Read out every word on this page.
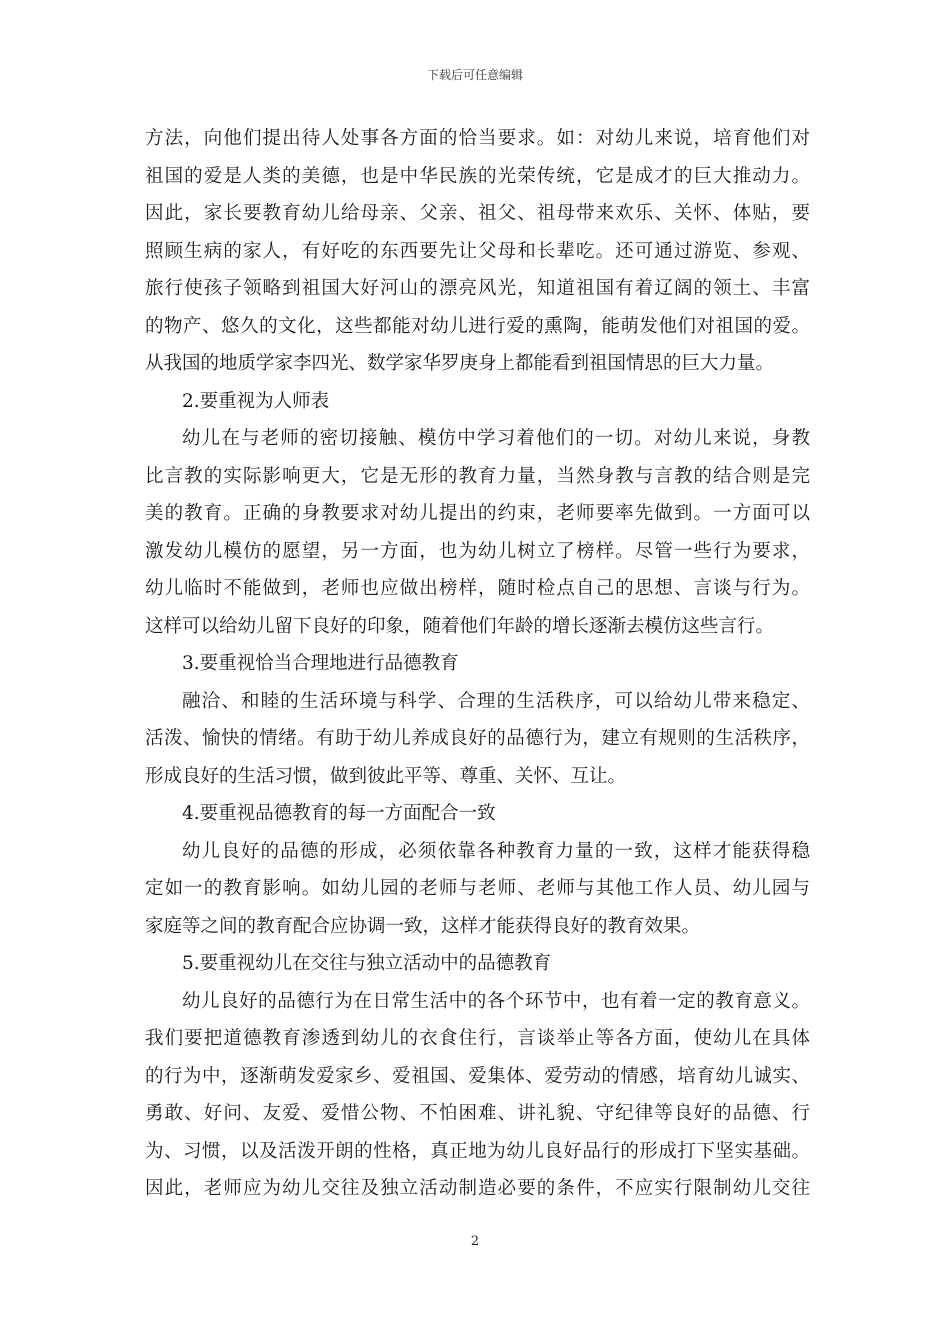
下载后可任意编辑
方法，向他们提出待人处事各方面的恰当要求。如：对幼儿来说，培育他们对
祖国的爱是人类的美德，也是中华民族的光荣传统，它是成才的巨大推动力。
因此，家长要教育幼儿给母亲、父亲、祖父、祖母带来欢乐、关怀、体贴，要
照顾生病的家人，有好吃的东西要先让父母和长辈吃。还可通过游览、参观、
旅行使孩子领略到祖国大好河山的漂亮风光，知道祖国有着辽阔的领土、丰富
的物产、悠久的文化，这些都能对幼儿进行爱的熏陶，能萌发他们对祖国的爱。
从我国的地质学家李四光、数学家华罗庚身上都能看到祖国情思的巨大力量。
2.要重视为人师表
幼儿在与老师的密切接触、模仿中学习着他们的一切。对幼儿来说，身教
比言教的实际影响更大，它是无形的教育力量，当然身教与言教的结合则是完
美的教育。正确的身教要求对幼儿提出的约束，老师要率先做到。一方面可以
激发幼儿模仿的愿望，另一方面，也为幼儿树立了榜样。尽管一些行为要求，
幼儿临时不能做到，老师也应做出榜样，随时检点自己的思想、言谈与行为。
这样可以给幼儿留下良好的印象，随着他们年龄的增长逐渐去模仿这些言行。
3.要重视恰当合理地进行品德教育
融洽、和睦的生活环境与科学、合理的生活秩序，可以给幼儿带来稳定、
活泼、愉快的情绪。有助于幼儿养成良好的品德行为，建立有规则的生活秩序，
形成良好的生活习惯，做到彼此平等、尊重、关怀、互让。
4.要重视品德教育的每一方面配合一致
幼儿良好的品德的形成，必须依靠各种教育力量的一致，这样才能获得稳
定如一的教育影响。如幼儿园的老师与老师、老师与其他工作人员、幼儿园与
家庭等之间的教育配合应协调一致，这样才能获得良好的教育效果。
5.要重视幼儿在交往与独立活动中的品德教育
幼儿良好的品德行为在日常生活中的各个环节中，也有着一定的教育意义。
我们要把道德教育渗透到幼儿的衣食住行，言谈举止等各方面，使幼儿在具体
的行为中，逐渐萌发爱家乡、爱祖国、爱集体、爱劳动的情感，培育幼儿诚实、
勇敢、好问、友爱、爱惜公物、不怕困难、讲礼貌、守纪律等良好的品德、行
为、习惯，以及活泼开朗的性格，真正地为幼儿良好品行的形成打下坚实基础。
因此，老师应为幼儿交往及独立活动制造必要的条件，不应实行限制幼儿交往
2
